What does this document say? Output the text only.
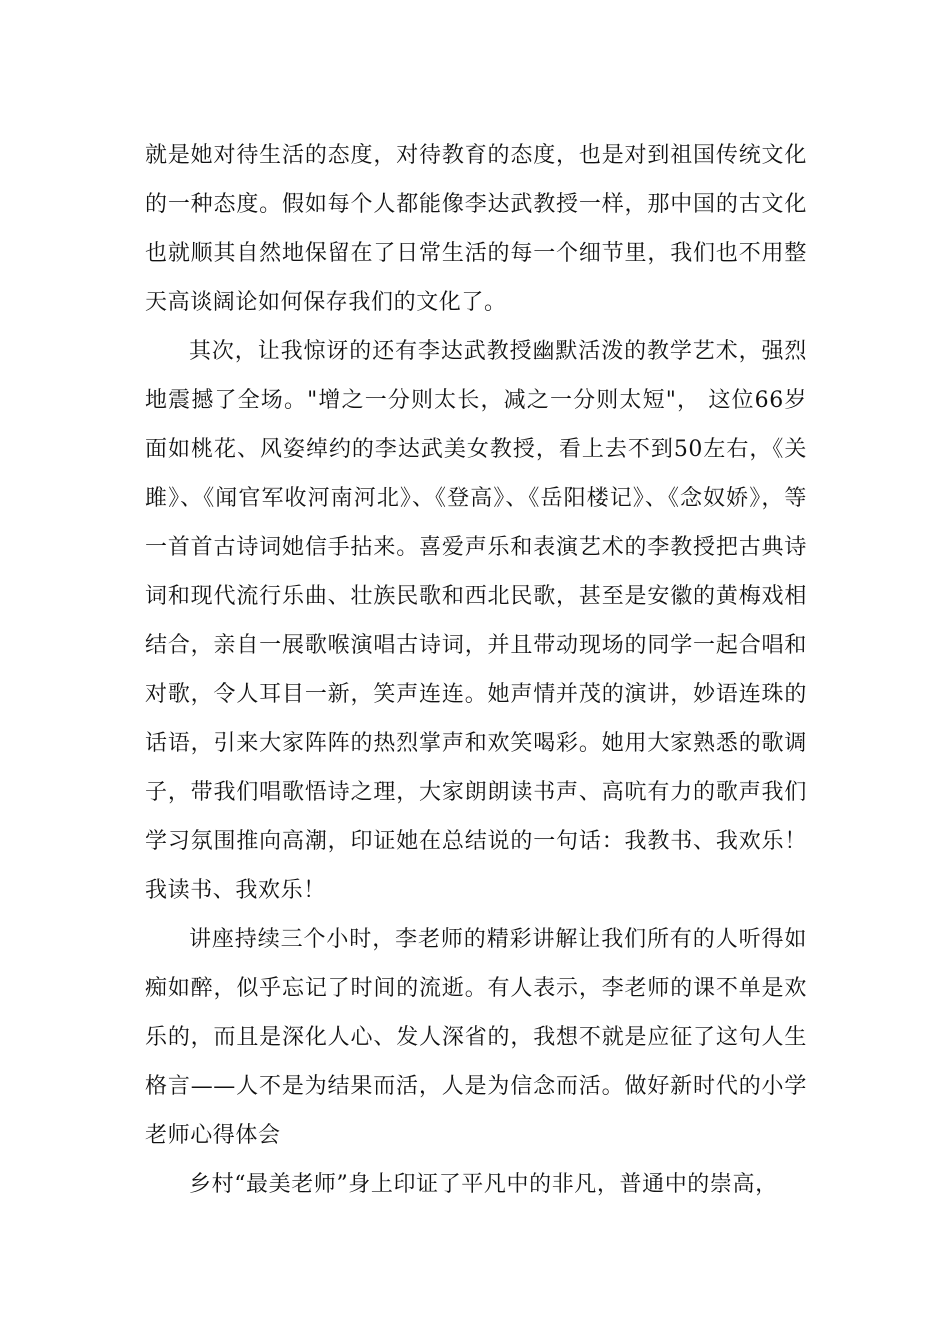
就是她对待生活的态度，对待教育的态度，也是对到祖国传统文化的一种态度。假如每个人都能像李达武教授一样，那中国的古文化也就顺其自然地保留在了日常生活的每一个细节里，我们也不用整天高谈阔论如何保存我们的文化了。

其次，让我惊讶的还有李达武教授幽默活泼的教学艺术，强烈地震撼了全场。"增之一分则太长，减之一分则太短"， 这位66岁面如桃花、风姿绰约的李达武美女教授，看上去不到50左右，《关雎》、《闻官军收河南河北》、《登高》、《岳阳楼记》、《念奴娇》，等一首首古诗词她信手拈来。喜爱声乐和表演艺术的李教授把古典诗词和现代流行乐曲、壮族民歌和西北民歌，甚至是安徽的黄梅戏相结合，亲自一展歌喉演唱古诗词，并且带动现场的同学一起合唱和对歌，令人耳目一新，笑声连连。她声情并茂的演讲，妙语连珠的话语，引来大家阵阵的热烈掌声和欢笑喝彩。她用大家熟悉的歌调子，带我们唱歌悟诗之理，大家朗朗读书声、高吭有力的歌声我们学习氛围推向高潮，印证她在总结说的一句话：我教书、我欢乐！我读书、我欢乐！

讲座持续三个小时，李老师的精彩讲解让我们所有的人听得如痴如醉，似乎忘记了时间的流逝。有人表示，李老师的课不单是欢乐的，而且是深化人心、发人深省的，我想不就是应征了这句人生格言——人不是为结果而活，人是为信念而活。做好新时代的小学老师心得体会

乡村“最美老师”身上印证了平凡中的非凡，普通中的崇高，
